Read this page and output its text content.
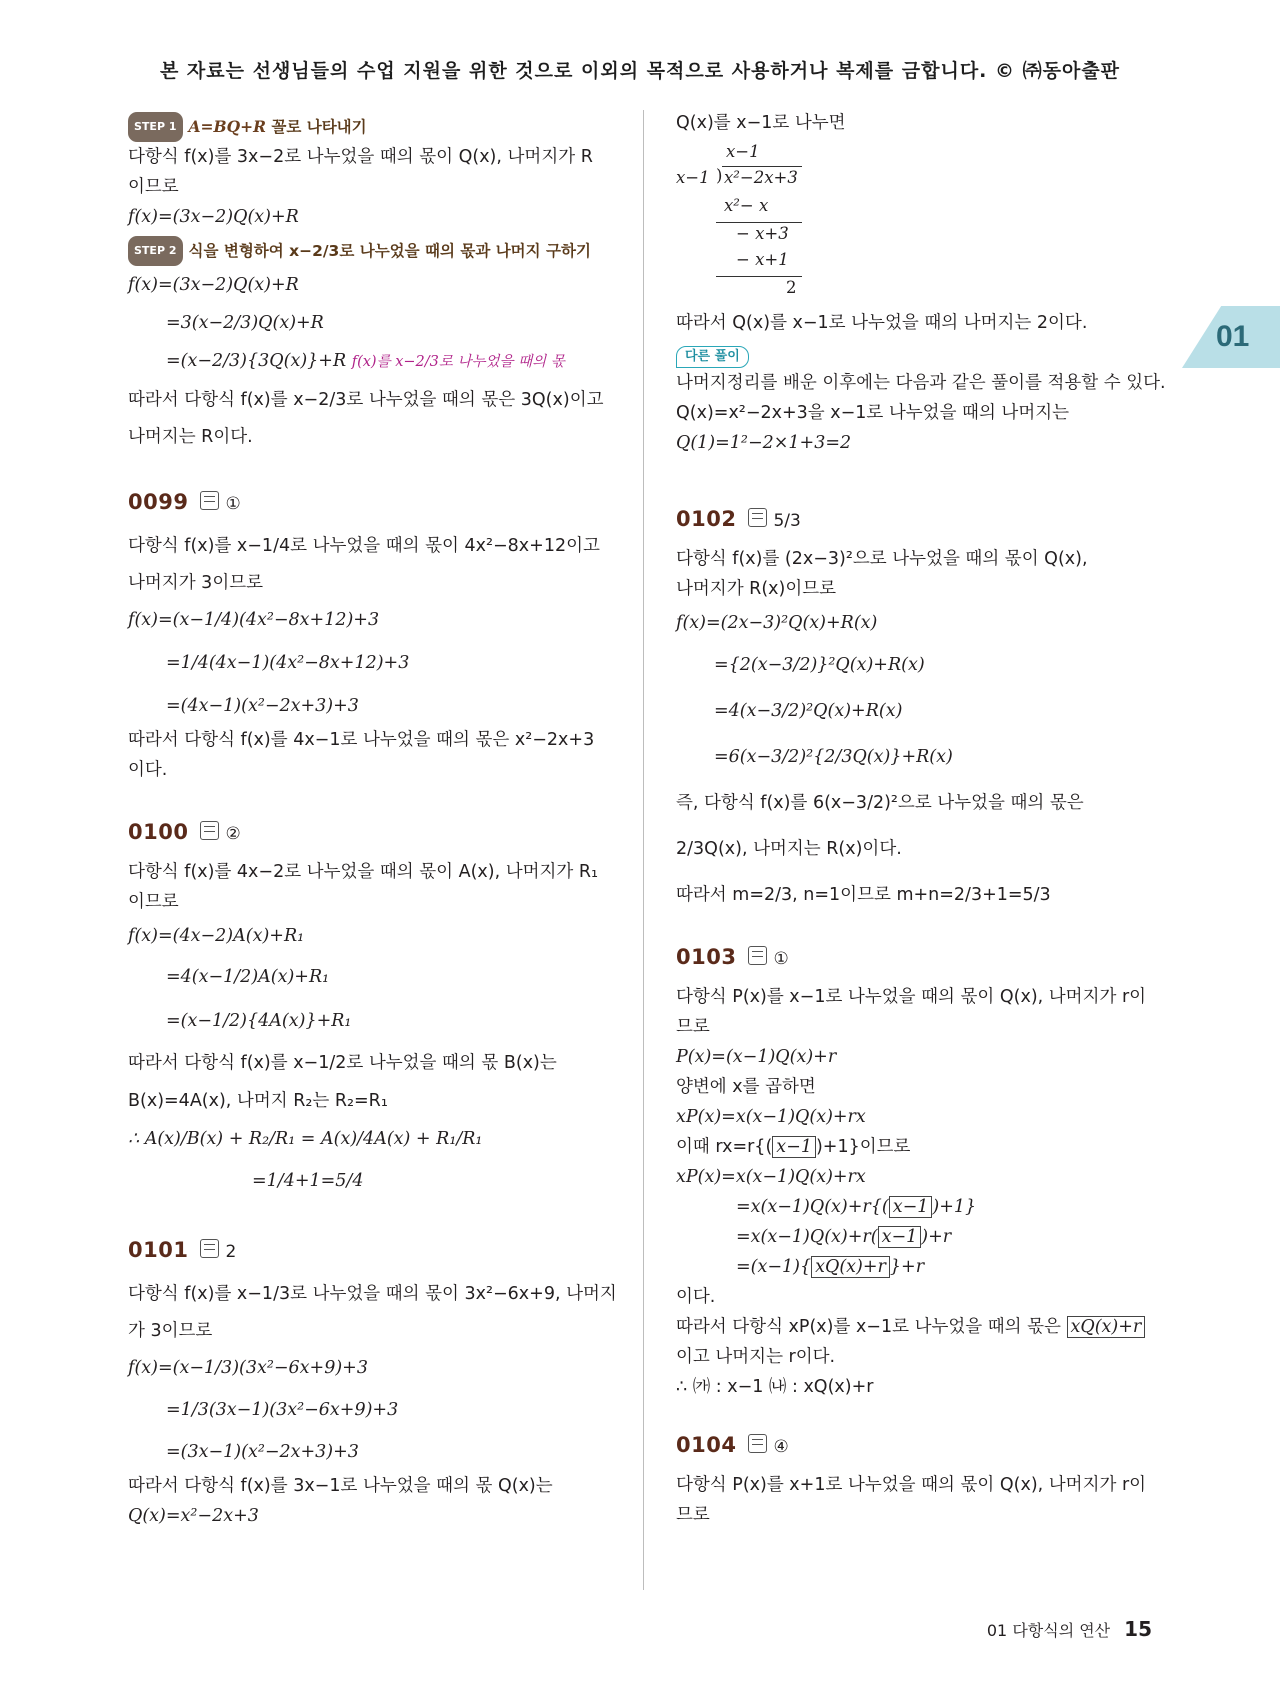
본 자료는 선생님들의 수업 지원을 위한 것으로 이외의 목적으로 사용하거나 복제를 금합니다. © ㈜동아출판
01
STEP 1 A=BQ+R 꼴로 나타내기
다항식 f(x)를 3x−2로 나누었을 때의 몫이 Q(x), 나머지가 R
이므로
f(x)=(3x−2)Q(x)+R
STEP 2 식을 변형하여 x−2/3로 나누었을 때의 몫과 나머지 구하기
f(x)=(3x−2)Q(x)+R
=3(x−2/3)Q(x)+R
=(x−2/3){3Q(x)}+R f(x)를 x−2/3로 나누었을 때의 몫
따라서 다항식 f(x)를 x−2/3로 나누었을 때의 몫은 3Q(x)이고
나머지는 R이다.
0099 ①
다항식 f(x)를 x−1/4로 나누었을 때의 몫이 4x²−8x+12이고
나머지가 3이므로
f(x)=(x−1/4)(4x²−8x+12)+3
=1/4(4x−1)(4x²−8x+12)+3
=(4x−1)(x²−2x+3)+3
따라서 다항식 f(x)를 4x−1로 나누었을 때의 몫은 x²−2x+3
이다.
0100 ②
다항식 f(x)를 4x−2로 나누었을 때의 몫이 A(x), 나머지가 R₁
이므로
f(x)=(4x−2)A(x)+R₁
=4(x−1/2)A(x)+R₁
=(x−1/2){4A(x)}+R₁
따라서 다항식 f(x)를 x−1/2로 나누었을 때의 몫 B(x)는
B(x)=4A(x), 나머지 R₂는 R₂=R₁
∴ A(x)/B(x) + R₂/R₁ = A(x)/4A(x) + R₁/R₁
=1/4+1=5/4
0101 2
다항식 f(x)를 x−1/3로 나누었을 때의 몫이 3x²−6x+9, 나머지
가 3이므로
f(x)=(x−1/3)(3x²−6x+9)+3
=1/3(3x−1)(3x²−6x+9)+3
=(3x−1)(x²−2x+3)+3
따라서 다항식 f(x)를 3x−1로 나누었을 때의 몫 Q(x)는
Q(x)=x²−2x+3
Q(x)를 x−1로 나누면
x−1
x−1 ) x²−2x+3
x²− x
− x+3
− x+1
2
따라서 Q(x)를 x−1로 나누었을 때의 나머지는 2이다.
다른 풀이
나머지정리를 배운 이후에는 다음과 같은 풀이를 적용할 수 있다.
Q(x)=x²−2x+3을 x−1로 나누었을 때의 나머지는
Q(1)=1²−2×1+3=2
0102 5/3
다항식 f(x)를 (2x−3)²으로 나누었을 때의 몫이 Q(x),
나머지가 R(x)이므로
f(x)=(2x−3)²Q(x)+R(x)
={2(x−3/2)}²Q(x)+R(x)
=4(x−3/2)²Q(x)+R(x)
=6(x−3/2)²{2/3Q(x)}+R(x)
즉, 다항식 f(x)를 6(x−3/2)²으로 나누었을 때의 몫은
2/3Q(x), 나머지는 R(x)이다.
따라서 m=2/3, n=1이므로 m+n=2/3+1=5/3
0103 ①
다항식 P(x)를 x−1로 나누었을 때의 몫이 Q(x), 나머지가 r이
므로
P(x)=(x−1)Q(x)+r
양변에 x를 곱하면
xP(x)=x(x−1)Q(x)+rx
이때 rx=r{( x−1 )+1}이므로
xP(x)=x(x−1)Q(x)+rx
=x(x−1)Q(x)+r{( x−1 )+1}
=x(x−1)Q(x)+r( x−1 )+r
=(x−1){ xQ(x)+r }+r
이다.
따라서 다항식 xP(x)를 x−1로 나누었을 때의 몫은 xQ(x)+r
이고 나머지는 r이다.
∴ ㈎ : x−1 ㈏ : xQ(x)+r
0104 ④
다항식 P(x)를 x+1로 나누었을 때의 몫이 Q(x), 나머지가 r이
므로
01 다항식의 연산 15
